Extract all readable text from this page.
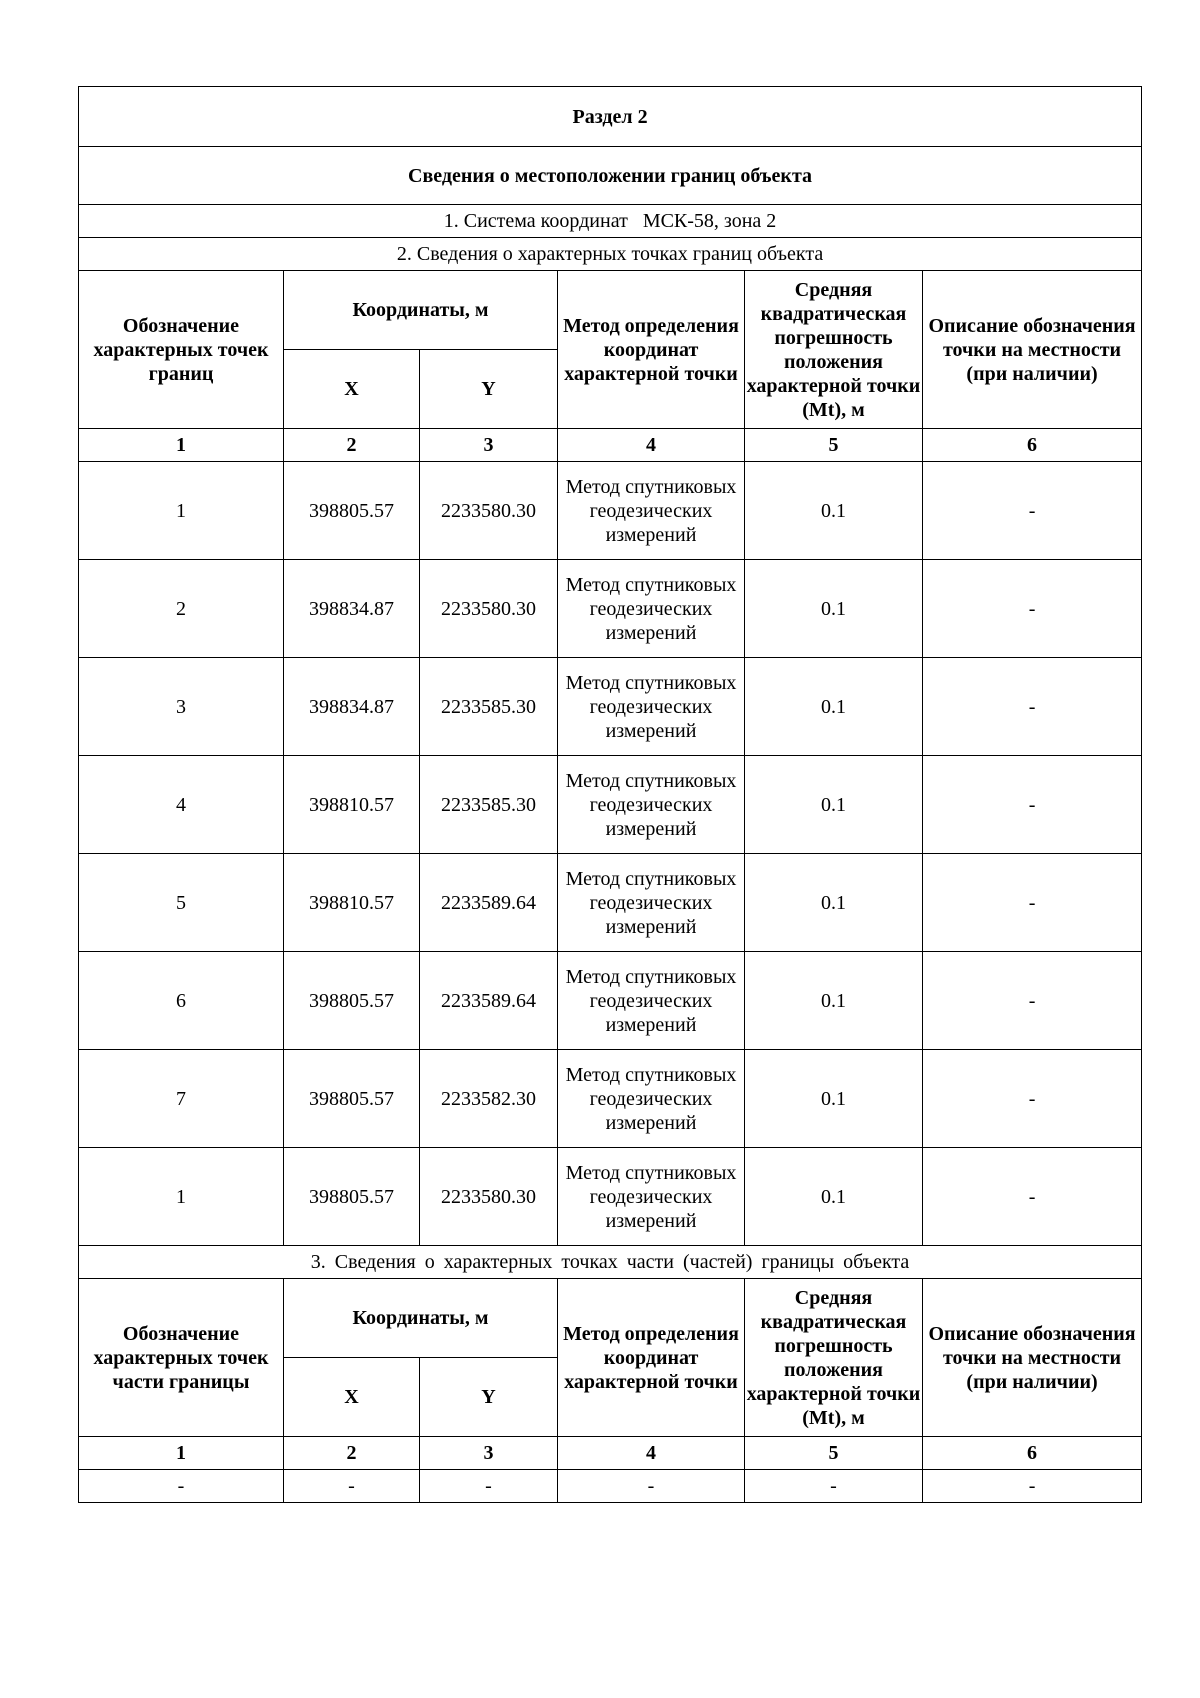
Раздел 2					
Сведения о местоположении границ объекта					
1. Система координат МСК-58, зона 2					
2. Сведения о характерных точках границ объекта					
Обозначение характерных точек границ	Координаты, м		Метод определения координат характерной точки	Средняя квадратическая погрешность положения характерной точки (Mt), м	Описание обозначения точки на местности (при наличии)
	X	Y			
1	2	3	4	5	6
1	398805.57	2233580.30	Метод спутниковых геодезических измерений	0.1	-
2	398834.87	2233580.30	Метод спутниковых геодезических измерений	0.1	-
3	398834.87	2233585.30	Метод спутниковых геодезических измерений	0.1	-
4	398810.57	2233585.30	Метод спутниковых геодезических измерений	0.1	-
5	398810.57	2233589.64	Метод спутниковых геодезических измерений	0.1	-
6	398805.57	2233589.64	Метод спутниковых геодезических измерений	0.1	-
7	398805.57	2233582.30	Метод спутниковых геодезических измерений	0.1	-
1	398805.57	2233580.30	Метод спутниковых геодезических измерений	0.1	-
3. Сведения о характерных точках части (частей) границы объекта					
Обозначение характерных точек части границы	Координаты, м		Метод определения координат характерной точки	Средняя квадратическая погрешность положения характерной точки (Mt), м	Описание обозначения точки на местности (при наличии)
	X	Y			
1	2	3	4	5	6
-	-	-	-	-	-
